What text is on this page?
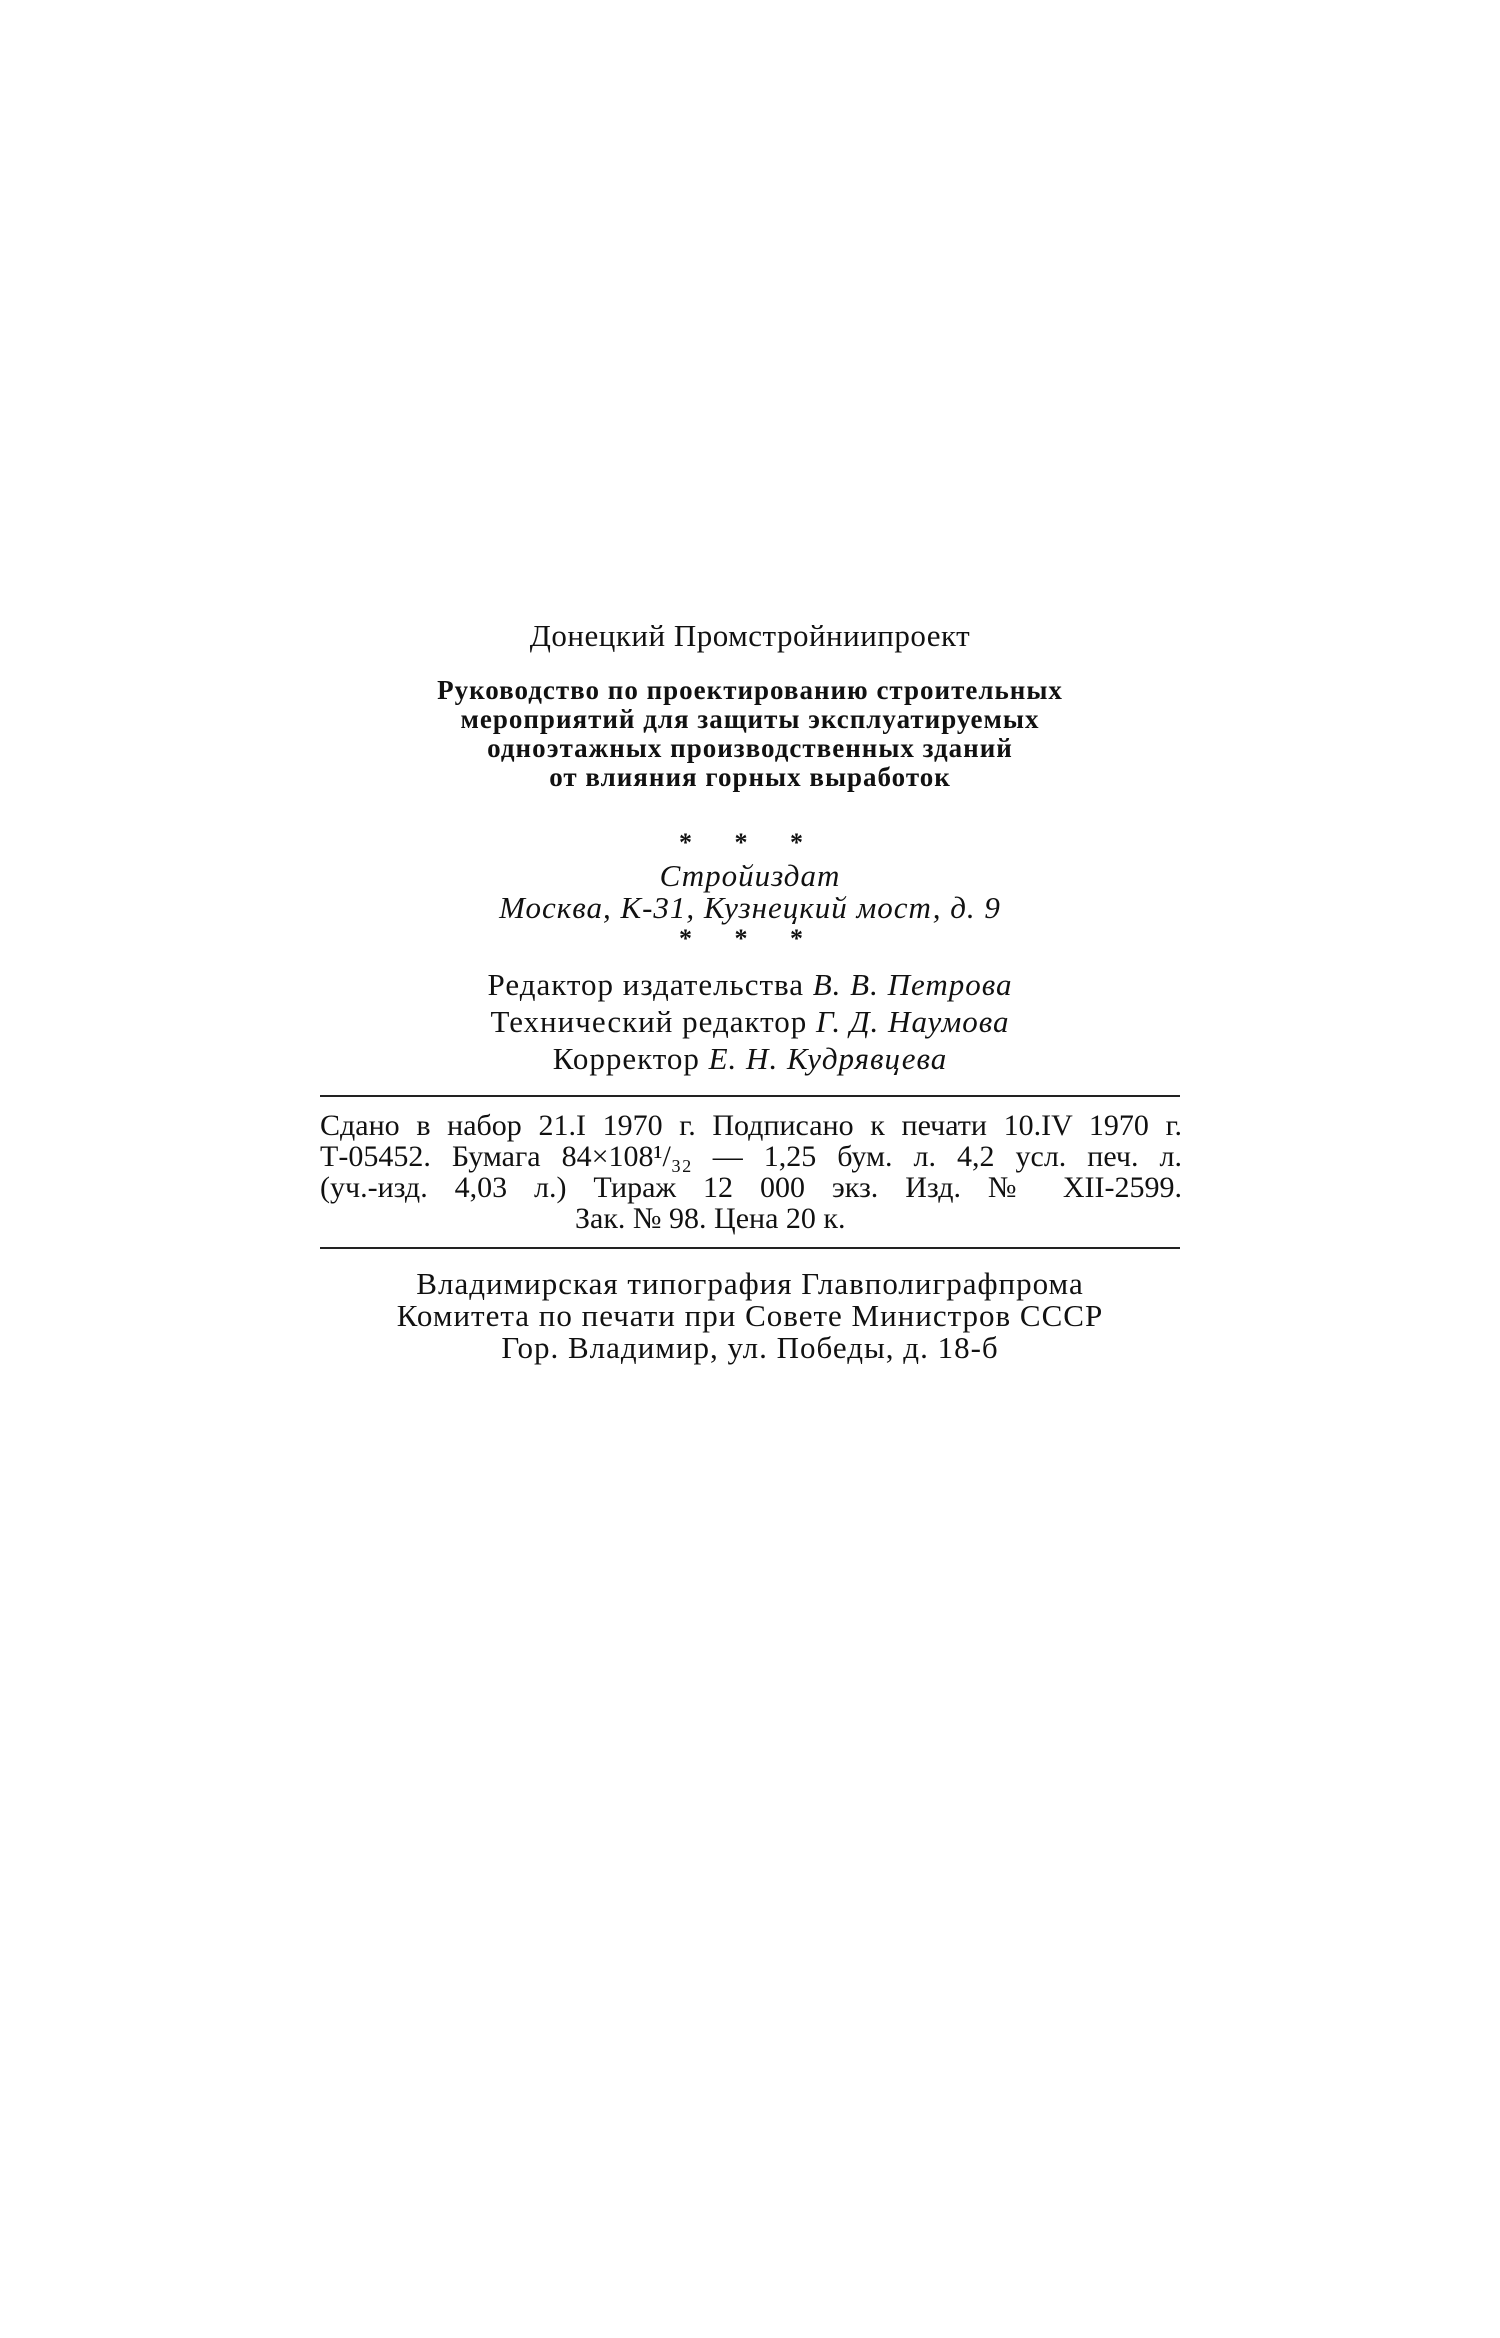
Донецкий Промстройниипроект
Руководство по проектированию строительных
мероприятий для защиты эксплуатируемых
одноэтажных производственных зданий
от влияния горных выработок
* * *
Стройиздат
Москва, К-31, Кузнецкий мост, д. 9
* * *
Редактор издательства В. В. Петрова
Технический редактор Г. Д. Наумова
Корректор Е. Н. Кудрявцева
Сдано в набор 21.I 1970 г. Подписано к печати 10.IV 1970 г.
Т-05452. Бумага 84×108¹/₃₂ — 1,25 бум. л. 4,2 усл. печ. л.
(уч.-изд. 4,03 л.) Тираж 12 000 экз. Изд. № XII-2599.
Зак. № 98. Цена 20 к.
Владимирская типография Главполиграфпрома
Комитета по печати при Совете Министров СССР
Гор. Владимир, ул. Победы, д. 18-б
